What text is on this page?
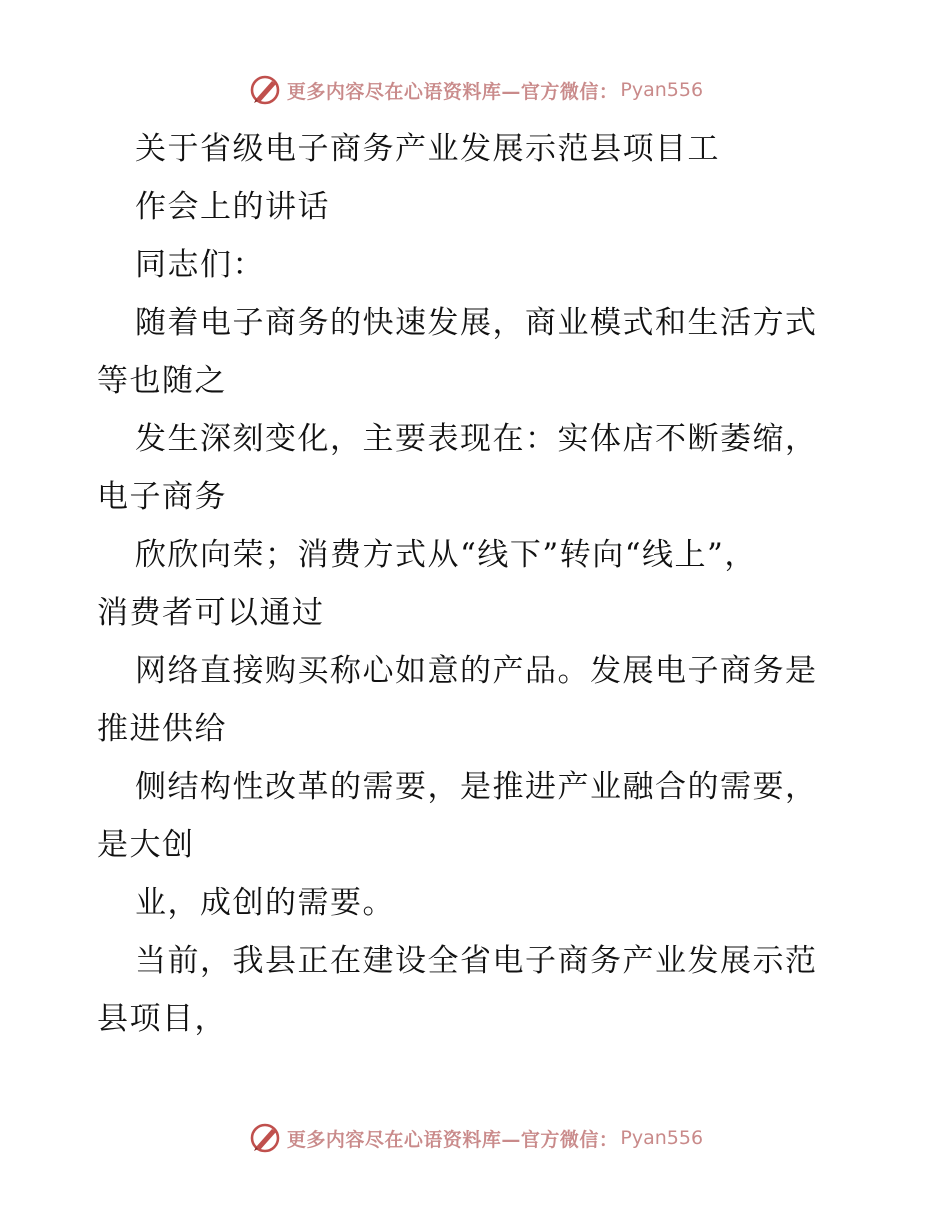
更多内容尽在心语资料库—官方微信： Pyan556
关于省级电子商务产业发展示范县项目工
作会上的讲话
同志们：
随着电子商务的快速发展，商业模式和生活方式
等也随之
发生深刻变化，主要表现在：实体店不断萎缩，
电子商务
欣欣向荣；消费方式从“线下”转向“线上”，
消费者可以通过
网络直接购买称心如意的产品。发展电子商务是
推进供给
侧结构性改革的需要，是推进产业融合的需要，
是大创
业，成创的需要。
当前，我县正在建设全省电子商务产业发展示范
县项目，
更多内容尽在心语资料库—官方微信： Pyan556
